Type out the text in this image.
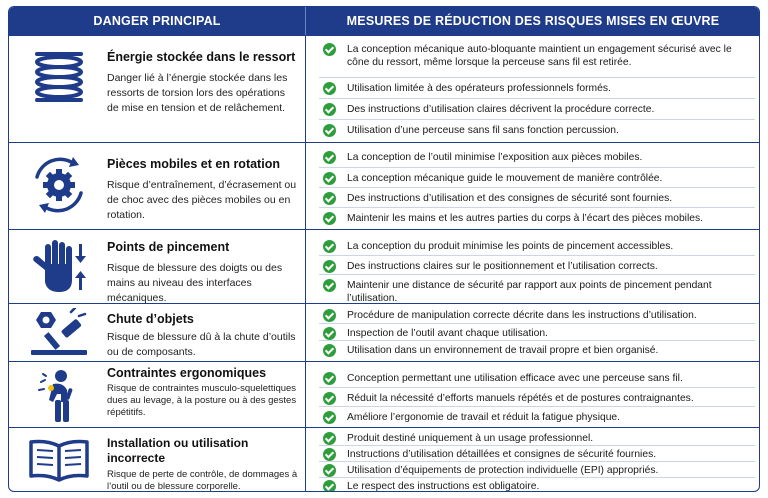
DANGER PRINCIPAL	MESURES DE RÉDUCTION DES RISQUES MISES EN ŒUVRE
Énergie stockée dans le ressort
Danger lié à l’énergie stockée dans les ressorts de torsion lors des opérations de mise en tension et de relâchement.
La conception mécanique auto-bloquante maintient un engagement sécurisé avec le cône du ressort, même lorsque la perceuse sans fil est retirée.
Utilisation limitée à des opérateurs professionnels formés.
Des instructions d’utilisation claires décrivent la procédure correcte.
Utilisation d’une perceuse sans fil sans fonction percussion.
Pièces mobiles et en rotation
Risque d’entraînement, d’écrasement ou de choc avec des pièces mobiles ou en rotation.
La conception de l’outil minimise l’exposition aux pièces mobiles.
La conception mécanique guide le mouvement de manière contrôlée.
Des instructions d’utilisation et des consignes de sécurité sont fournies.
Maintenir les mains et les autres parties du corps à l’écart des pièces mobiles.
Points de pincement
Risque de blessure des doigts ou des mains au niveau des interfaces mécaniques.
La conception du produit minimise les points de pincement accessibles.
Des instructions claires sur le positionnement et l’utilisation corrects.
Maintenir une distance de sécurité par rapport aux points de pincement pendant l’utilisation.
Chute d’objets
Risque de blessure dû à la chute d’outils ou de composants.
Procédure de manipulation correcte décrite dans les instructions d’utilisation.
Inspection de l’outil avant chaque utilisation.
Utilisation dans un environnement de travail propre et bien organisé.
Contraintes ergonomiques
Risque de contraintes musculo-squelettiques dues au levage, à la posture ou à des gestes répétitifs.
Conception permettant une utilisation efficace avec une perceuse sans fil.
Réduit la nécessité d’efforts manuels répétés et de postures contraignantes.
Améliore l’ergonomie de travail et réduit la fatigue physique.
Installation ou utilisation incorrecte
Risque de perte de contrôle, de dommages à l’outil ou de blessure corporelle.
Produit destiné uniquement à un usage professionnel.
Instructions d’utilisation détaillées et consignes de sécurité fournies.
Utilisation d’équipements de protection individuelle (EPI) appropriés.
Le respect des instructions est obligatoire.
